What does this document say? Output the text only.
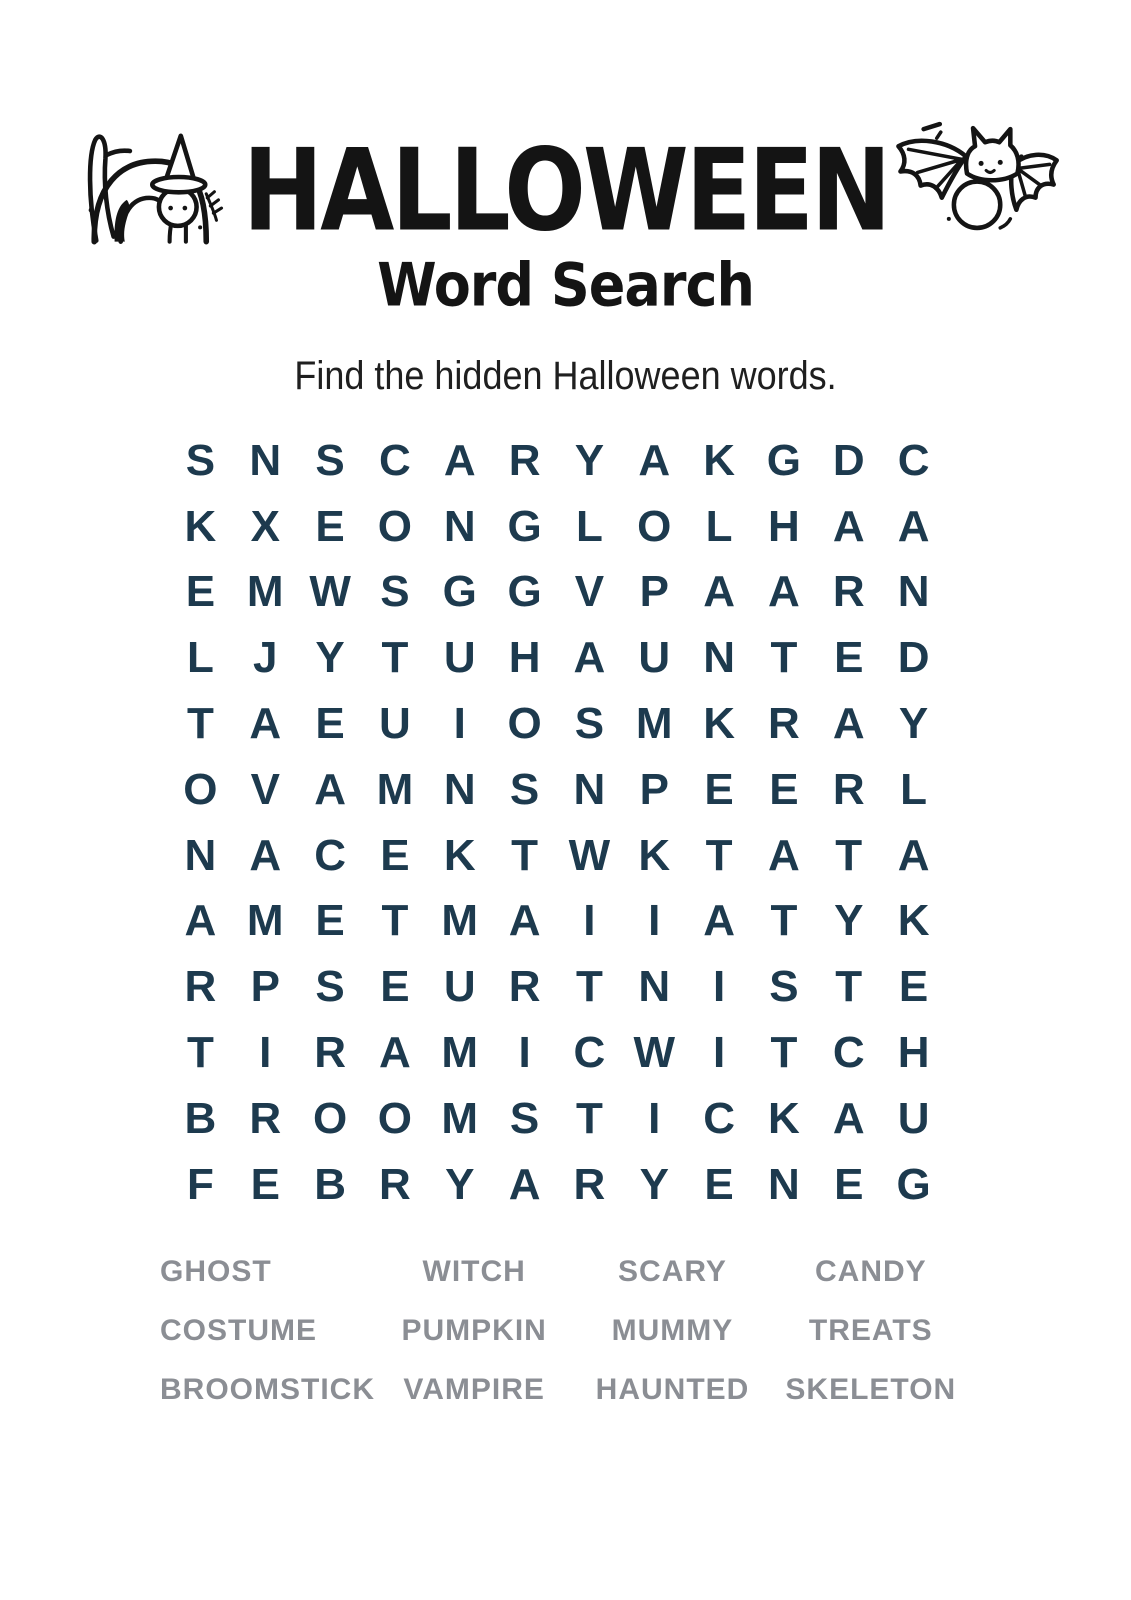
HALLOWEEN
Word Search
Find the hidden Halloween words.
S N S C A R Y A K G D C
K X E O N G L O L H A A
E M W S G G V P A A R N
L J Y T U H A U N T E D
T A E U I O S M K R A Y
O V A M N S N P E E R L
N A C E K T W K T A T A
A M E T M A I I A T Y K
R P S E U R T N I S T E
T I R A M I C W I T C H
B R O O M S T I C K A U
F E B R Y A R Y E N E G
GHOST	WITCH	SCARY	CANDY
COSTUME	PUMPKIN MUMMY	TREATS
BROOMSTICK VAMPIRE HAUNTED SKELETON
